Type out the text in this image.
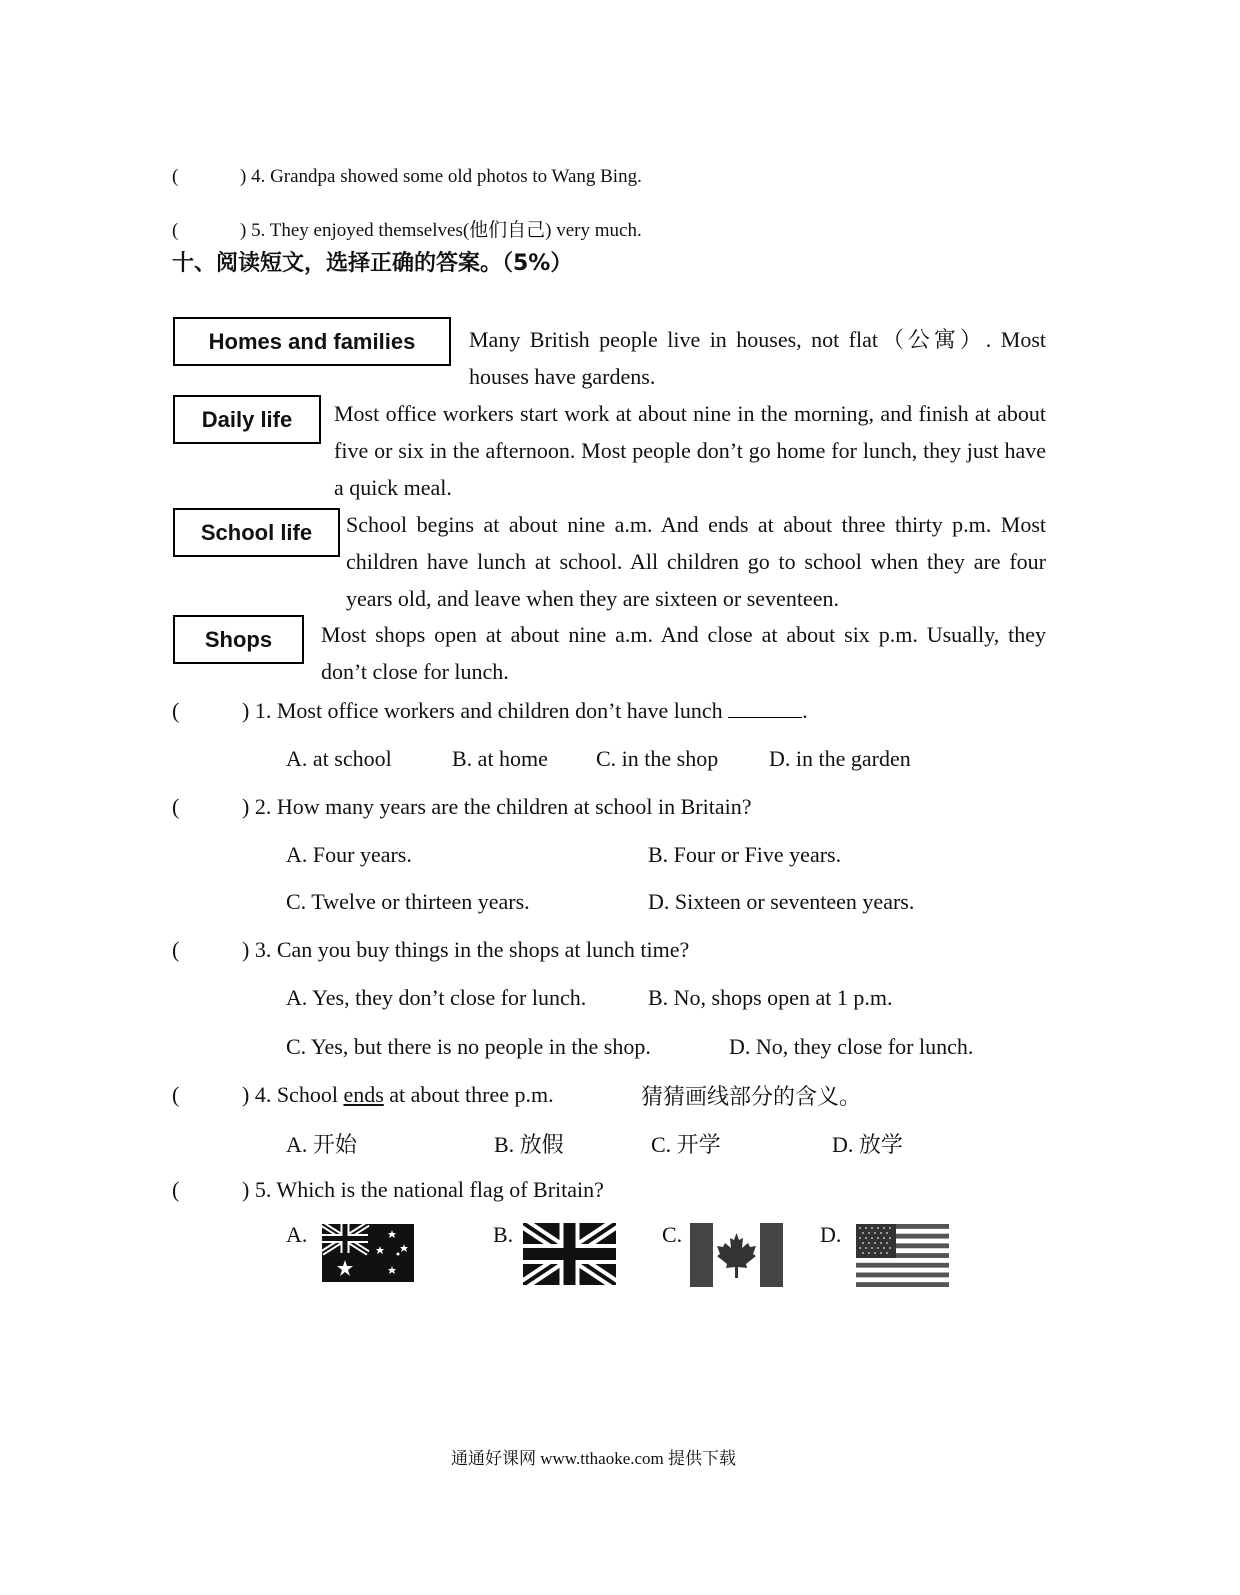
(	) 4. Grandpa showed some old photos to Wang Bing.
(	) 5. They enjoyed themselves(他们自己) very much.
十、阅读短文，选择正确的答案。（5%）
Homes and families	Many British people live in houses, not flat（公寓）. Most houses have gardens.
Daily life	Most office workers start work at about nine in the morning, and finish at about five or six in the afternoon. Most people don’t go home for lunch, they just have a quick meal.
School life	School begins at about nine a.m. And ends at about three thirty p.m. Most children have lunch at school. All children go to school when they are four years old, and leave when they are sixteen or seventeen.
Shops	Most shops open at about nine a.m. And close at about six p.m. Usually, they don’t close for lunch.
(	) 1. Most office workers and children don’t have lunch	.
A. at school	B. at home C. in the shop D. in the garden
(	) 2. How many years are the children at school in Britain?
A. Four years.	B. Four or Five years.
C. Twelve or thirteen years.	D. Sixteen or seventeen years.
(	) 3. Can you buy things in the shops at lunch time?
A. Yes, they don’t close for lunch.	B. No, shops open at 1 p.m.
C. Yes, but there is no people in the shop.	D. No, they close for lunch.
(	) 4. School ends at about three p.m.	猜猜画线部分的含义。
A. 开始	B. 放假	C. 开学	D. 放学
(	) 5. Which is the national flag of Britain?
A.	B.	C.	D.
通通好课网 www.tthaoke.com 提供下载
